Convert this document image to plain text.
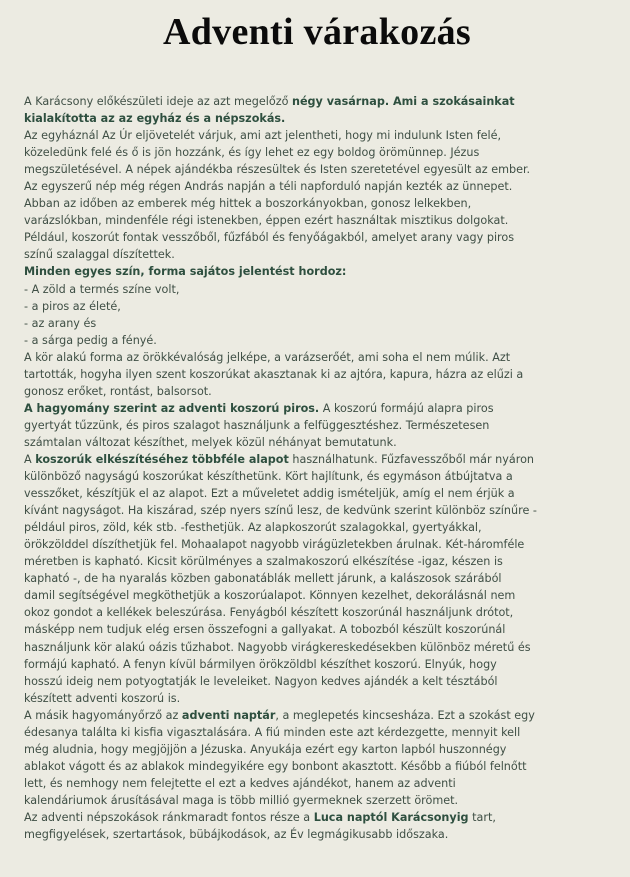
Adventi várakozás
A Karácsony előkészületi ideje az azt megelőző négy vasárnap. Ami a szokásainkat
kialakította az az egyház és a népszokás.
Az egyháznál Az Úr eljövetelét várjuk, ami azt jelentheti, hogy mi indulunk Isten felé,
közeledünk felé és ő is jön hozzánk, és így lehet ez egy boldog örömünnep. Jézus
megszületésével. A népek ajándékba részesültek és Isten szeretetével egyesült az ember.
Az egyszerű nép még régen András napján a téli napforduló napján kezték az ünnepet.
Abban az időben az emberek még hittek a boszorkányokban, gonosz lelkekben,
varázslókban, mindenféle régi istenekben, éppen ezért használtak misztikus dolgokat.
Például, koszorút fontak vesszőből, fűzfából és fenyőágakból, amelyet arany vagy piros
színű szalaggal díszítettek.
Minden egyes szín, forma sajátos jelentést hordoz:
- A zöld a termés színe volt,
- a piros az életé,
- az arany és
- a sárga pedig a fényé.
A kör alakú forma az örökkévalóság jelképe, a varázserőét, ami soha el nem múlik. Azt
tartották, hogyha ilyen szent koszorúkat akasztanak ki az ajtóra, kapura, házra az elűzi a
gonosz erőket, rontást, balsorsot.
A hagyomány szerint az adventi koszorú piros. A koszorú formájú alapra piros
gyertyát tűzzünk, és piros szalagot használjunk a felfüggesztéshez. Természetesen
számtalan változat készíthet, melyek közül néhányat bemutatunk.
A koszorúk elkészítéséhez többféle alapot használhatunk. Fűzfavesszőből már nyáron
különböző nagyságú koszorúkat készíthetünk. Kört hajlítunk, és egymáson átbújtatva a
vesszőket, készítjük el az alapot. Ezt a műveletet addig ismételjük, amíg el nem érjük a
kívánt nagyságot. Ha kiszárad, szép nyers színű lesz, de kedvünk szerint különböz színűre -
például piros, zöld, kék stb. -festhetjük. Az alapkoszorút szalagokkal, gyertyákkal,
örökzölddel díszíthetjük fel. Mohaalapot nagyobb virágüzletekben árulnak. Két-háromféle
méretben is kapható. Kicsit körülményes a szalmakoszorú elkészítése -igaz, készen is
kapható -, de ha nyaralás közben gabonatáblák mellett járunk, a kalászosok szárából
damil segítségével megköthetjük a koszorúalapot. Könnyen kezelhet, dekorálásnál nem
okoz gondot a kellékek beleszúrása. Fenyágból készített koszorúnál használjunk drótot,
másképp nem tudjuk elég ersen összefogni a gallyakat. A tobozból készült koszorúnál
használjunk kör alakú oázis tűzhabot. Nagyobb virágkereskedésekben különböz méretű és
formájú kapható. A fenyn kívül bármilyen örökzöldbl készíthet koszorú. Elnyúk, hogy
hosszú ideig nem potyogtatják le leveleiket. Nagyon kedves ajándék a kelt tésztából
készített adventi koszorú is.
A másik hagyományőrző az adventi naptár, a meglepetés kincsesháza. Ezt a szokást egy
édesanya találta ki kisfia vigasztalására. A fiú minden este azt kérdezgette, mennyit kell
még aludnia, hogy megjöjjön a Jézuska. Anyukája ezért egy karton lapból huszonnégy
ablakot vágott és az ablakok mindegyikére egy bonbont akasztott. Később a fiúból felnőtt
lett, és nemhogy nem felejtette el ezt a kedves ajándékot, hanem az adventi
kalendáriumok árusításával maga is több millió gyermeknek szerzett örömet.
Az adventi népszokások ránkmaradt fontos része a Luca naptól Karácsonyig tart,
megfigyelések, szertartások, bübájkodások, az Év legmágikusabb időszaka.
